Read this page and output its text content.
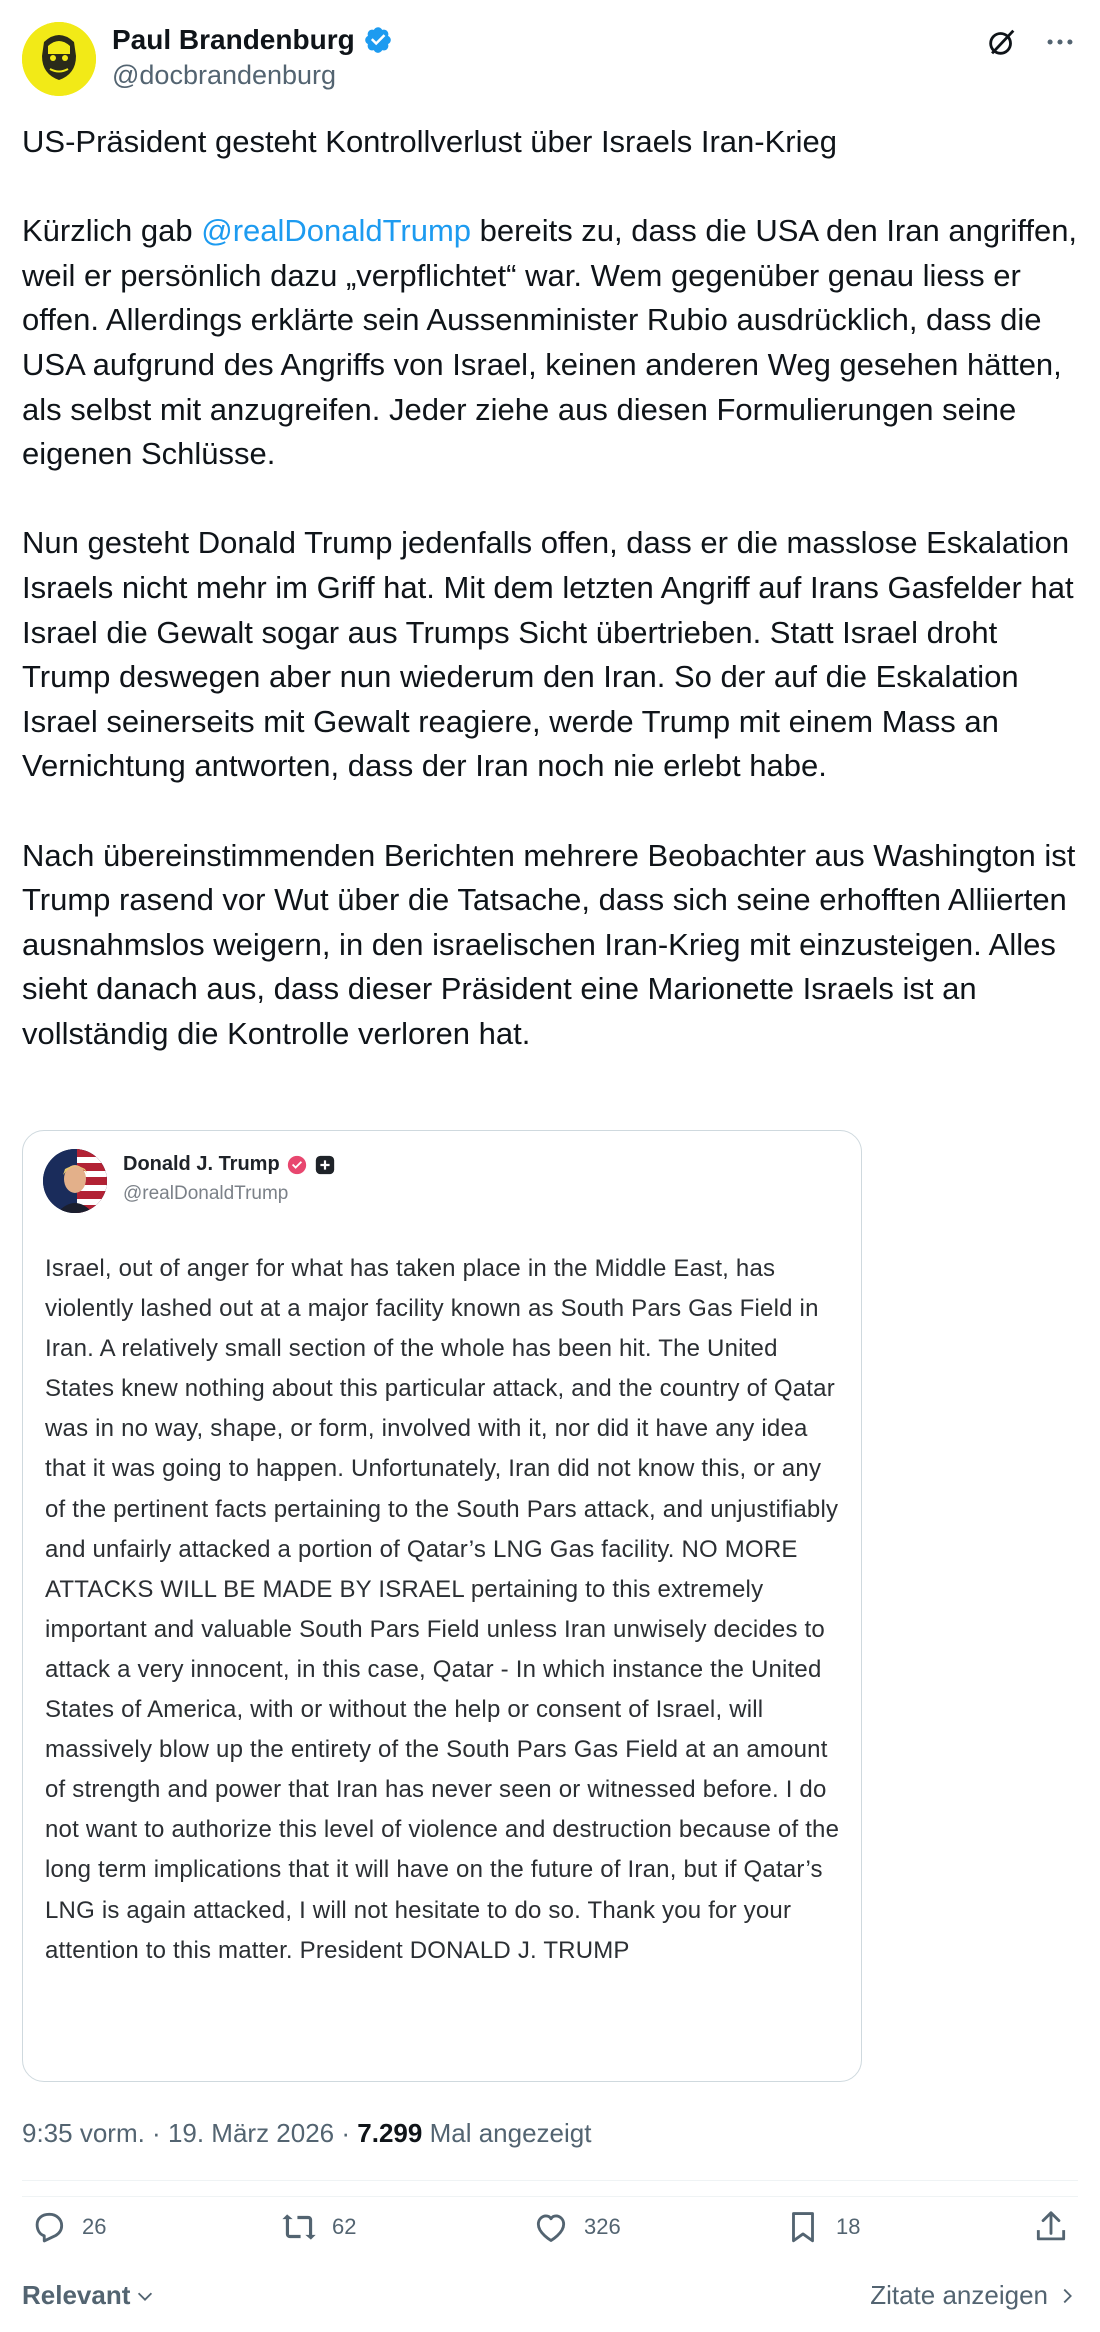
Paul Brandenburg
@docbrandenburg
US-Präsident gesteht Kontrollverlust über Israels Iran-Krieg

Kürzlich gab @realDonaldTrump bereits zu, dass die USA den Iran angriffen, weil er persönlich dazu „verpflichtet“ war. Wem gegenüber genau liess er offen. Allerdings erklärte sein Aussenminister Rubio ausdrücklich, dass die USA aufgrund des Angriffs von Israel, keinen anderen Weg gesehen hätten, als selbst mit anzugreifen. Jeder ziehe aus diesen Formulierungen seine eigenen Schlüsse.

Nun gesteht Donald Trump jedenfalls offen, dass er die masslose Eskalation Israels nicht mehr im Griff hat. Mit dem letzten Angriff auf Irans Gasfelder hat Israel die Gewalt sogar aus Trumps Sicht übertrieben. Statt Israel droht Trump deswegen aber nun wiederum den Iran. So der auf die Eskalation Israel seinerseits mit Gewalt reagiere, werde Trump mit einem Mass an Vernichtung antworten, dass der Iran noch nie erlebt habe.

Nach übereinstimmenden Berichten mehrere Beobachter aus Washington ist Trump rasend vor Wut über die Tatsache, dass sich seine erhofften Alliierten ausnahmslos weigern, in den israelischen Iran-Krieg mit einzusteigen. Alles sieht danach aus, dass dieser Präsident eine Marionette Israels ist an vollständig die Kontrolle verloren hat.
Donald J. Trump
@realDonaldTrump
Israel, out of anger for what has taken place in the Middle East, has violently lashed out at a major facility known as South Pars Gas Field in Iran. A relatively small section of the whole has been hit. The United States knew nothing about this particular attack, and the country of Qatar was in no way, shape, or form, involved with it, nor did it have any idea that it was going to happen. Unfortunately, Iran did not know this, or any of the pertinent facts pertaining to the South Pars attack, and unjustifiably and unfairly attacked a portion of Qatar’s LNG Gas facility. NO MORE ATTACKS WILL BE MADE BY ISRAEL pertaining to this extremely important and valuable South Pars Field unless Iran unwisely decides to attack a very innocent, in this case, Qatar - In which instance the United States of America, with or without the help or consent of Israel, will massively blow up the entirety of the South Pars Gas Field at an amount of strength and power that Iran has never seen or witnessed before. I do not want to authorize this level of violence and destruction because of the long term implications that it will have on the future of Iran, but if Qatar’s LNG is again attacked, I will not hesitate to do so. Thank you for your attention to this matter. President DONALD J. TRUMP
9:35 vorm. · 19. März 2026 · 7.299 Mal angezeigt
26	62	326	18
Relevant	Zitate anzeigen
